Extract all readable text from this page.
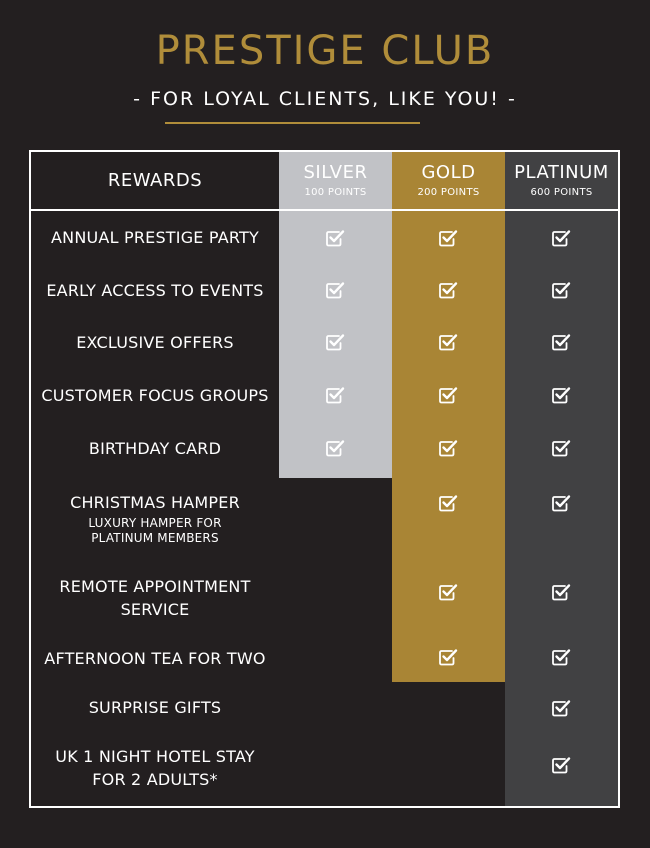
PRESTIGE CLUB
- FOR LOYAL CLIENTS, LIKE YOU! -
REWARDS	SILVER
100 POINTS
GOLD
200 POINTS
PLATINUM
600 POINTS
ANNUAL PRESTIGE PARTY
EARLY ACCESS TO EVENTS
EXCLUSIVE OFFERS
CUSTOMER FOCUS GROUPS
BIRTHDAY CARD
CHRISTMAS HAMPER
LUXURY HAMPER FOR
PLATINUM MEMBERS
REMOTE APPOINTMENT
SERVICE
AFTERNOON TEA FOR TWO
SURPRISE GIFTS
UK 1 NIGHT HOTEL STAY
FOR 2 ADULTS*
